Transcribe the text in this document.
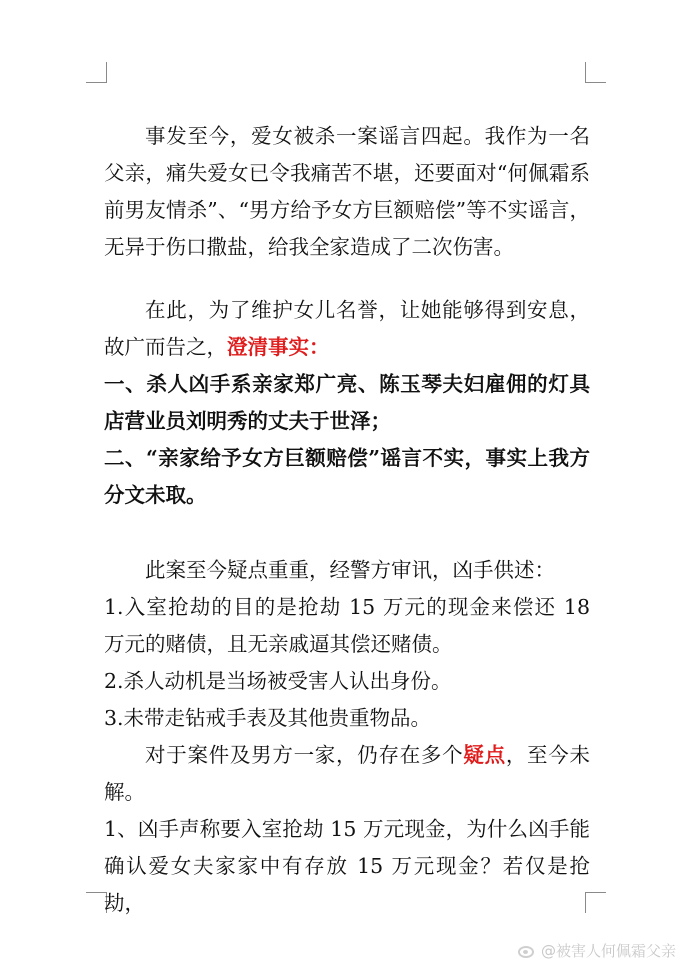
事发至今，爱女被杀一案谣言四起。我作为一名父亲，痛失爱女已令我痛苦不堪，还要面对“何佩霜系前男友情杀”、“男方给予女方巨额赔偿”等不实谣言，无异于伤口撒盐，给我全家造成了二次伤害。

在此，为了维护女儿名誉，让她能够得到安息，故广而告之，澄清事实：

一、杀人凶手系亲家郑广亮、陈玉琴夫妇雇佣的灯具店营业员刘明秀的丈夫于世泽；

二、“亲家给予女方巨额赔偿”谣言不实，事实上我方分文未取。

此案至今疑点重重，经警方审讯，凶手供述：

1.入室抢劫的目的是抢劫 15 万元的现金来偿还 18 万元的赌债，且无亲戚逼其偿还赌债。

2.杀人动机是当场被受害人认出身份。

3.未带走钻戒手表及其他贵重物品。

对于案件及男方一家，仍存在多个疑点，至今未解。

1、凶手声称要入室抢劫 15 万元现金，为什么凶手能确认爱女夫家家中有存放 15 万元现金？若仅是抢劫，

@被害人何佩霜父亲
